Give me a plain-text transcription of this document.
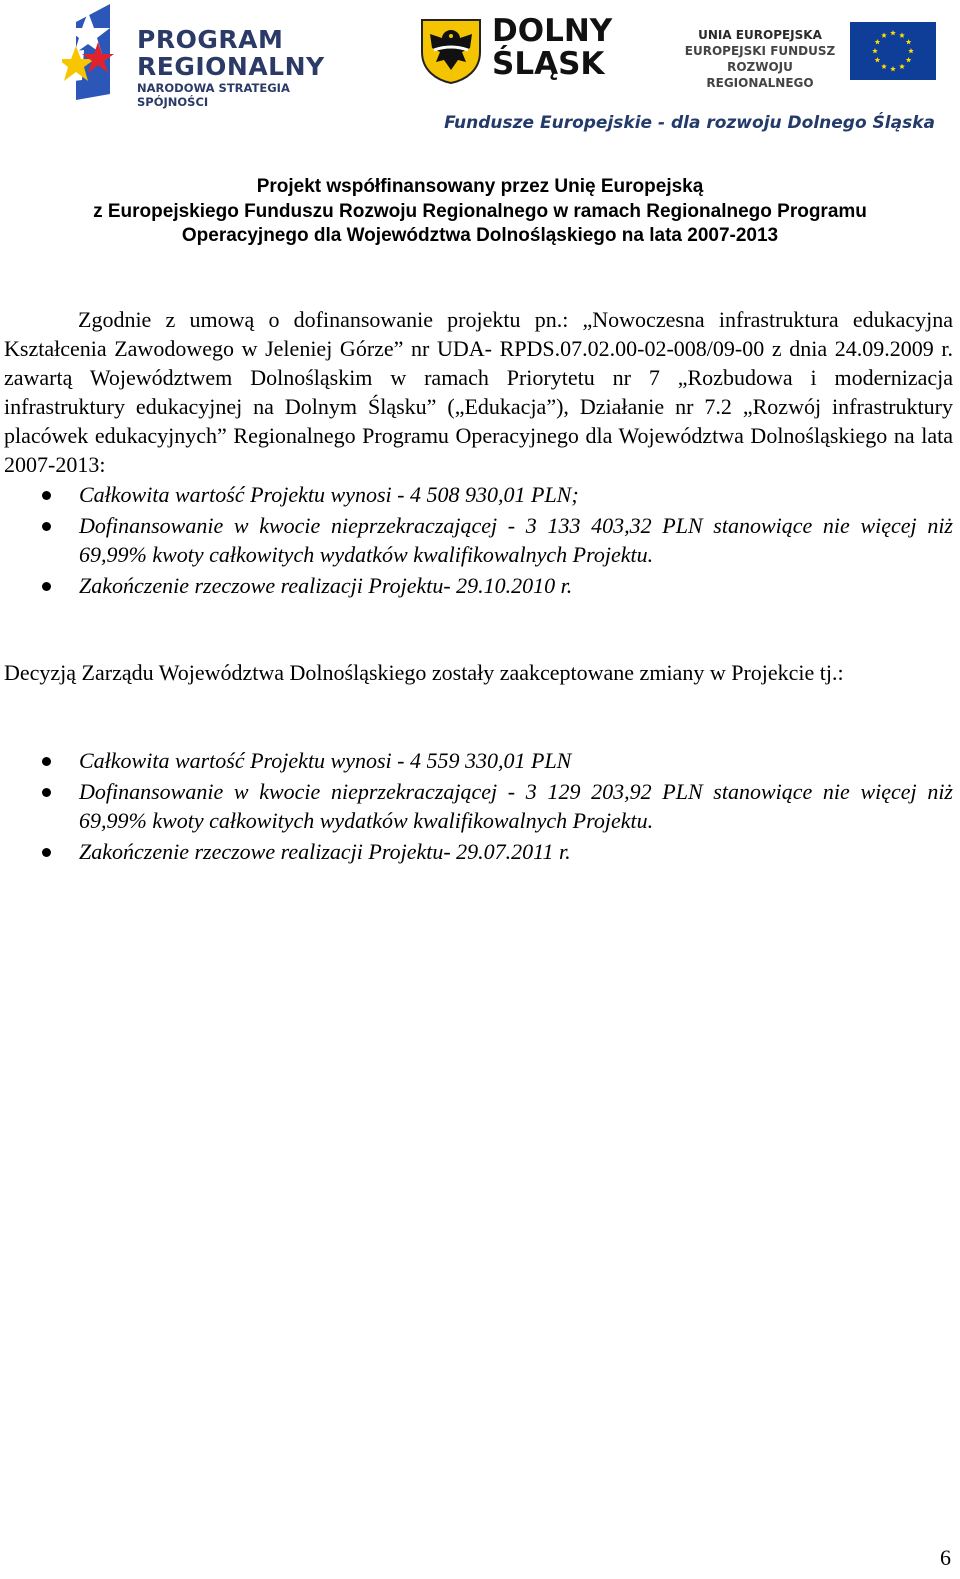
PROGRAM
REGIONALNY
NARODOWA STRATEGIA SPÓJNOŚCI
DOLNY
ŚLĄSK
UNIA EUROPEJSKA
EUROPEJSKI FUNDUSZ
ROZWOJU REGIONALNEGO
Fundusze Europejskie - dla rozwoju Dolnego Śląska
Projekt współfinansowany przez Unię Europejską
z Europejskiego Funduszu Rozwoju Regionalnego w ramach Regionalnego Programu
Operacyjnego dla Województwa Dolnośląskiego na lata 2007-2013

Zgodnie z umową o dofinansowanie projektu pn.: „Nowoczesna infrastruktura edukacyjna Kształcenia Zawodowego w Jeleniej Górze” nr UDA- RPDS.07.02.00-02-008/09-00 z dnia 24.09.2009 r. zawartą Województwem Dolnośląskim w ramach Priorytetu nr 7 „Rozbudowa i modernizacja infrastruktury edukacyjnej na Dolnym Śląsku” („Edukacja”), Działanie nr 7.2 „Rozwój infrastruktury placówek edukacyjnych” Regionalnego Programu Operacyjnego dla Województwa Dolnośląskiego na lata 2007-2013:

Całkowita wartość Projektu wynosi - 4 508 930,01 PLN;
Dofinansowanie w kwocie nieprzekraczającej - 3 133 403,32 PLN stanowiące nie więcej niż 69,99% kwoty całkowitych wydatków kwalifikowalnych Projektu.
Zakończenie rzeczowe realizacji Projektu- 29.10.2010 r.

Decyzją Zarządu Województwa Dolnośląskiego zostały zaakceptowane zmiany w Projekcie tj.:

Całkowita wartość Projektu wynosi - 4 559 330,01 PLN
Dofinansowanie w kwocie nieprzekraczającej - 3 129 203,92 PLN stanowiące nie więcej niż 69,99% kwoty całkowitych wydatków kwalifikowalnych Projektu.
Zakończenie rzeczowe realizacji Projektu- 29.07.2011 r.
6
